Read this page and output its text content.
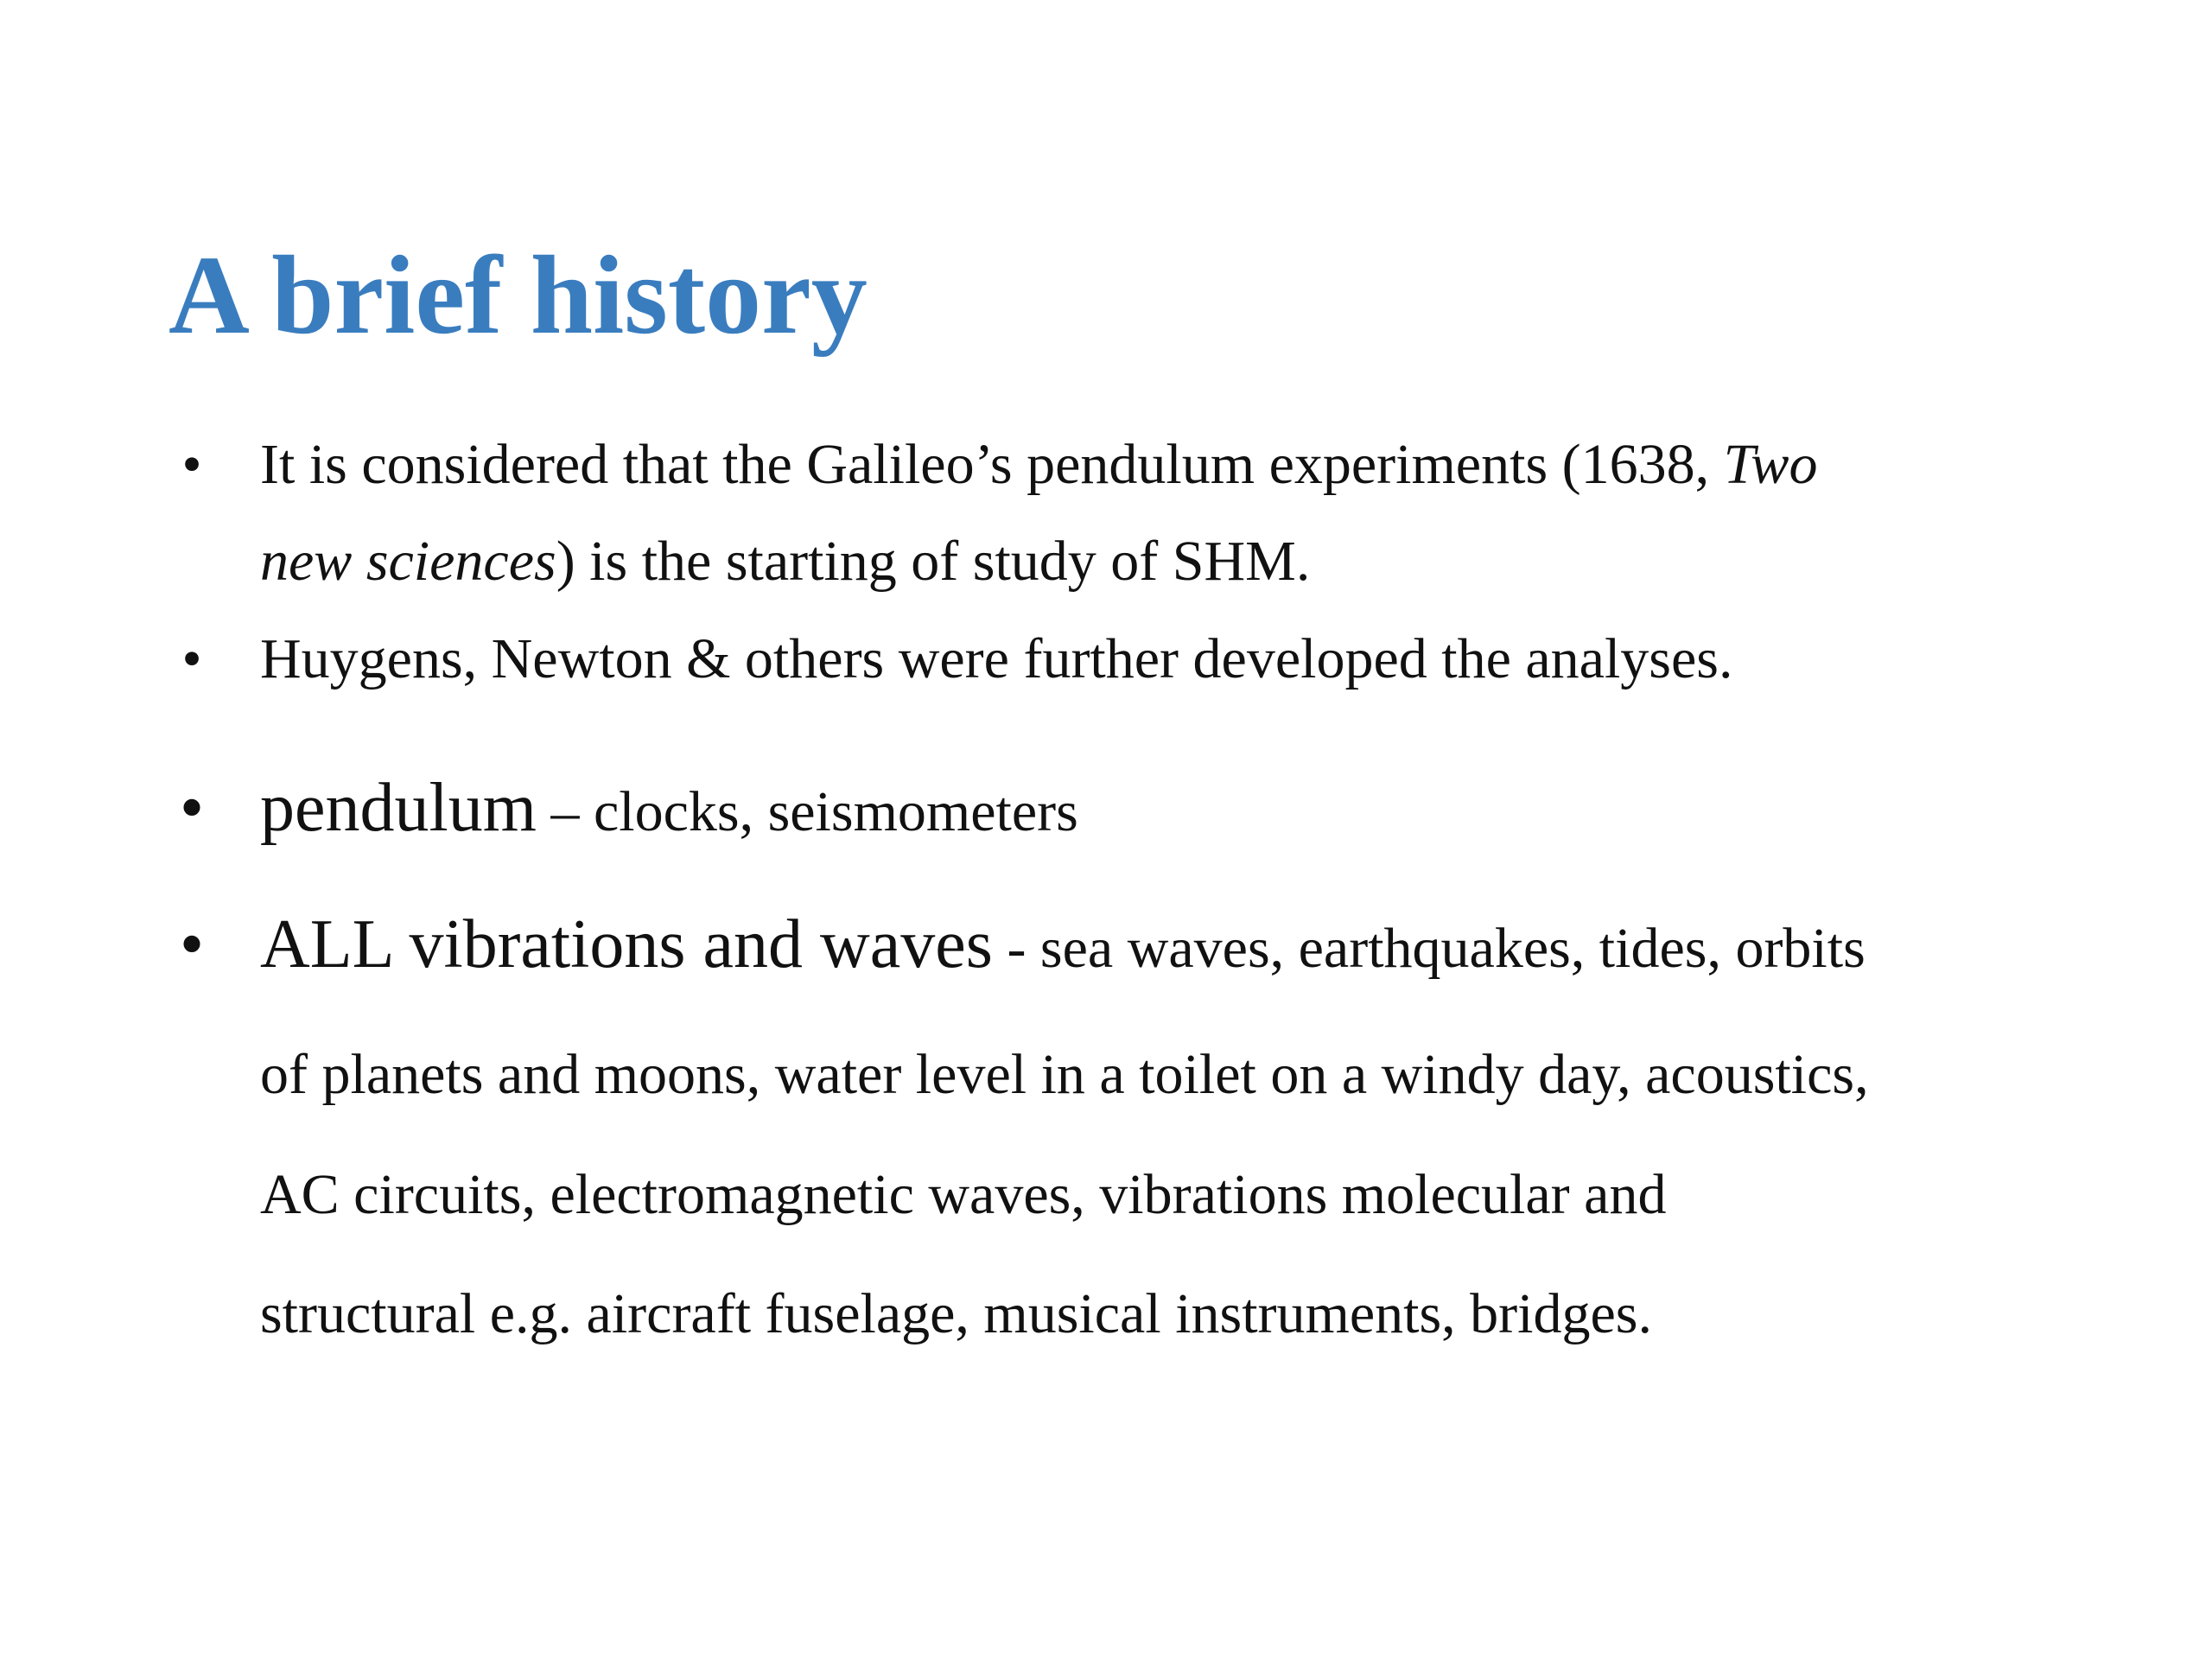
A brief history
• It is considered that the Galileo’s pendulum experiments (1638, Two

new sciences) is the starting of study of SHM.

• Huygens, Newton & others were further developed the analyses.

• pendulum – clocks, seismometers

• ALL vibrations and waves - sea waves, earthquakes, tides, orbits

of planets and moons, water level in a toilet on a windy day, acoustics,

AC circuits, electromagnetic waves, vibrations molecular and

structural e.g. aircraft fuselage, musical instruments, bridges.
